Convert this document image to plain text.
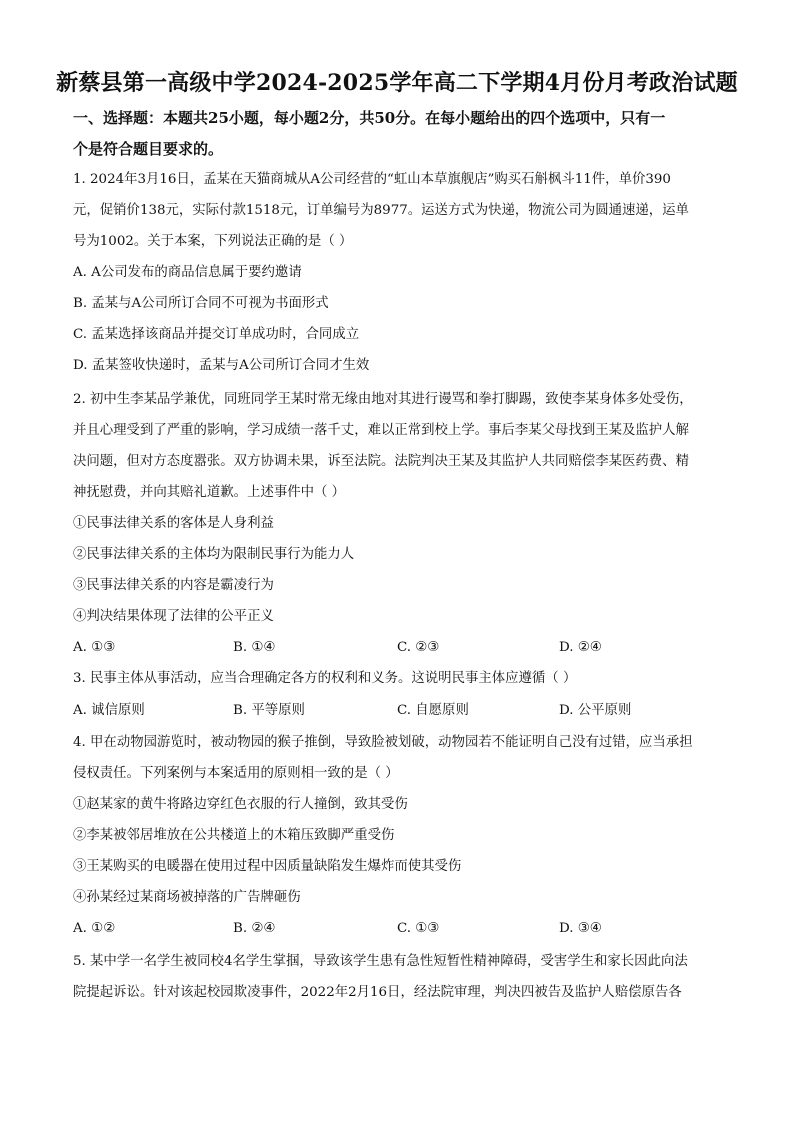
新蔡县第一高级中学2024-2025学年高二下学期4月份月考政治试题
一、选择题：本题共25小题，每小题2分，共50分。在每小题给出的四个选项中，只有一
个是符合题目要求的。
1. 2024年3月16日，孟某在天猫商城从A公司经营的“虹山本草旗舰店”购买石斛枫斗11件，单价390
元，促销价138元，实际付款1518元，订单编号为8977。运送方式为快递，物流公司为圆通速递，运单
号为1002。关于本案，下列说法正确的是（ ）
A. A公司发布的商品信息属于要约邀请
B. 孟某与A公司所订合同不可视为书面形式
C. 孟某选择该商品并提交订单成功时，合同成立
D. 孟某签收快递时，孟某与A公司所订合同才生效
2. 初中生李某品学兼优，同班同学王某时常无缘由地对其进行谩骂和拳打脚踢，致使李某身体多处受伤，
并且心理受到了严重的影响，学习成绩一落千丈，难以正常到校上学。事后李某父母找到王某及监护人解
决问题，但对方态度嚣张。双方协调未果，诉至法院。法院判决王某及其监护人共同赔偿李某医药费、精
神抚慰费，并向其赔礼道歉。上述事件中（ ）
①民事法律关系的客体是人身利益
②民事法律关系的主体均为限制民事行为能力人
③民事法律关系的内容是霸凌行为
④判决结果体现了法律的公平正义
A. ①③	B. ①④	C. ②③	D. ②④
3. 民事主体从事活动，应当合理确定各方的权利和义务。这说明民事主体应遵循（ ）
A. 诚信原则	B. 平等原则	C. 自愿原则	D. 公平原则
4. 甲在动物园游览时，被动物园的猴子推倒，导致脸被划破，动物园若不能证明自己没有过错，应当承担
侵权责任。下列案例与本案适用的原则相一致的是（ ）
①赵某家的黄牛将路边穿红色衣服的行人撞倒，致其受伤
②李某被邻居堆放在公共楼道上的木箱压致脚严重受伤
③王某购买的电暖器在使用过程中因质量缺陷发生爆炸而使其受伤
④孙某经过某商场被掉落的广告牌砸伤
A. ①②	B. ②④	C. ①③	D. ③④
5. 某中学一名学生被同校4名学生掌掴，导致该学生患有急性短暂性精神障碍，受害学生和家长因此向法
院提起诉讼。针对该起校园欺凌事件，2022年2月16日，经法院审理，判决四被告及监护人赔偿原告各
